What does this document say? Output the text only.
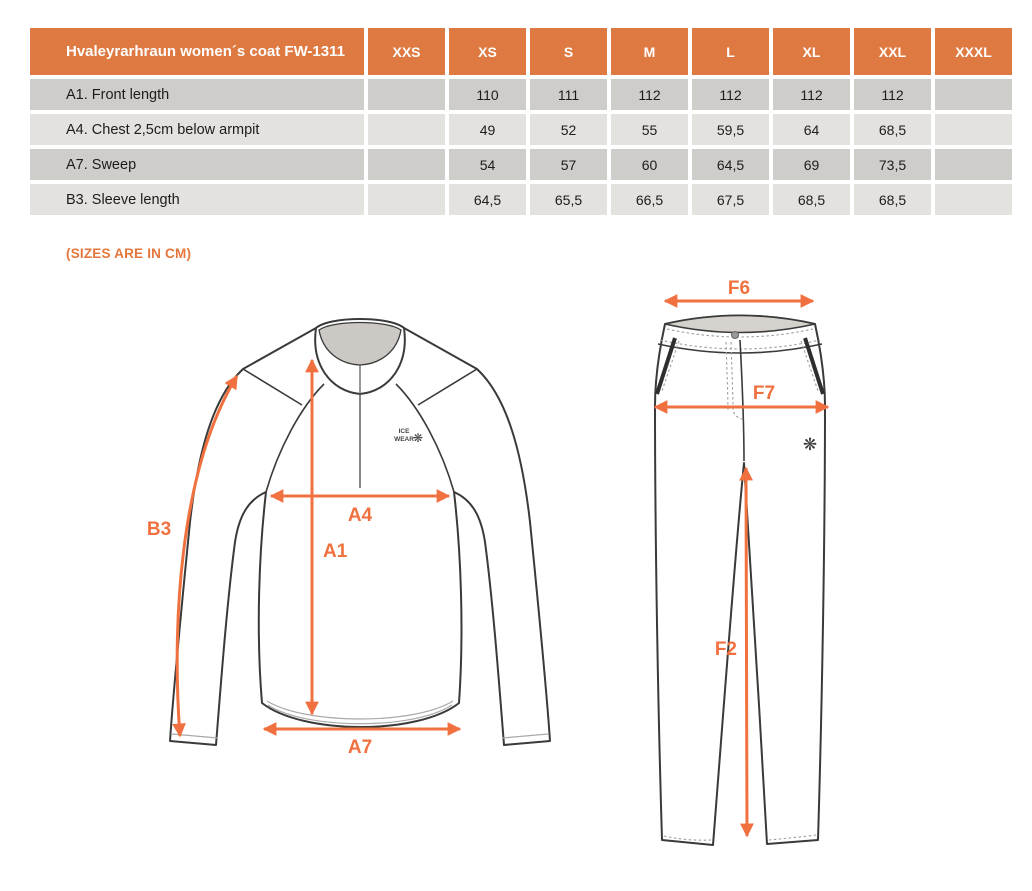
Hvaleyrarhraun women´s coat FW-1311	XXS	XS	S	M	L	XL	XXL	XXXL
A1. Front length		110	111	112	112	112	112	
A4. Chest 2,5cm below armpit		49	52	55	59,5	64	68,5	
A7. Sweep		54	57	60	64,5	69	73,5	
B3. Sleeve length		64,5	65,5	66,5	67,5	68,5	68,5	
(SIZES ARE IN CM)
ICE
WEAR ❋
B3
A4
A1
A7
❋
F6
F7
F2
